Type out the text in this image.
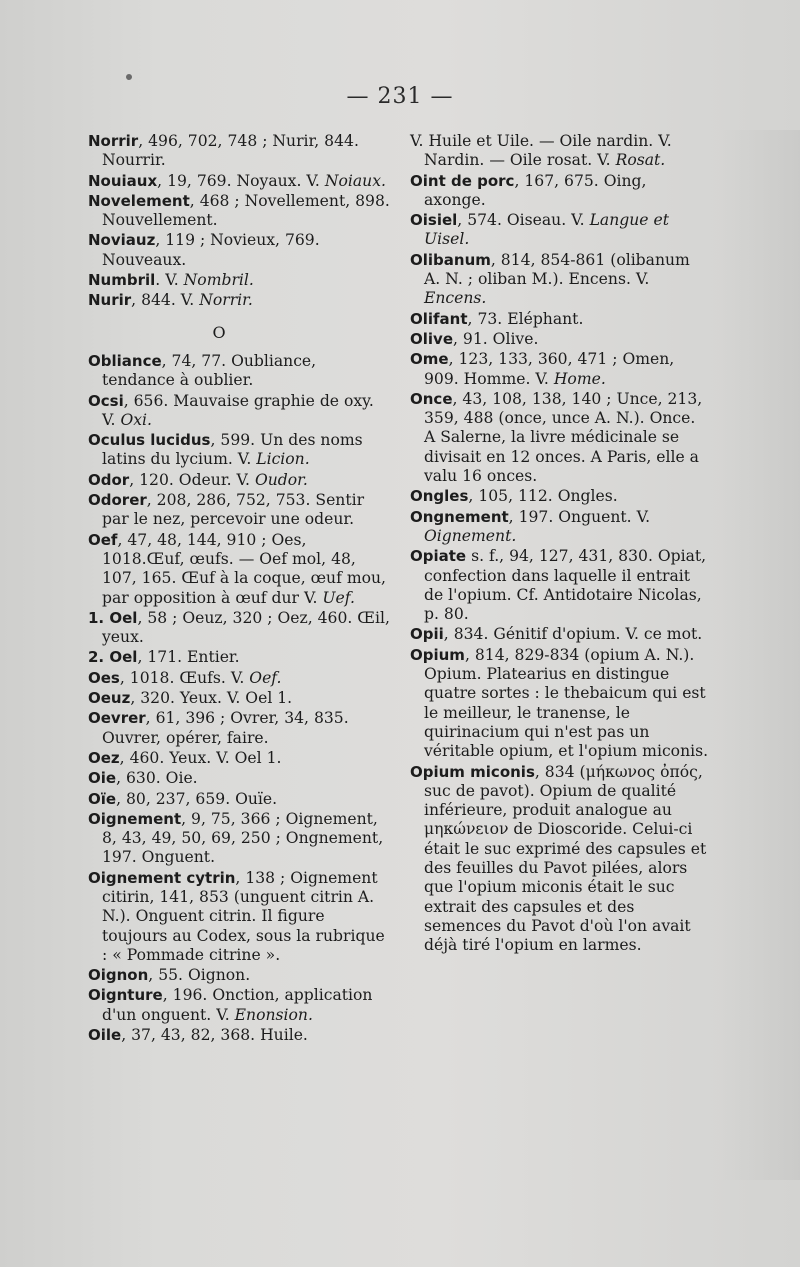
— 231 —
Norrir, 496, 702, 748 ; Nurir, 844. Nourrir.
Nouiaux, 19, 769. Noyaux. V. Noiaux.
Novelement, 468 ; Novellement, 898. Nouvellement.
Noviauz, 119 ; Novieux, 769. Nouveaux.
Numbril. V. Nombril.
Nurir, 844. V. Norrir.
O
Obliance, 74, 77. Oubliance, tendance à oublier.
Ocsi, 656. Mauvaise graphie de oxy. V. Oxi.
Oculus lucidus, 599. Un des noms latins du lycium. V. Licion.
Odor, 120. Odeur. V. Oudor.
Odorer, 208, 286, 752, 753. Sentir par le nez, percevoir une odeur.
Oef, 47, 48, 144, 910 ; Oes, 1018.Œuf, œufs. — Oef mol, 48, 107, 165. Œuf à la coque, œuf mou, par opposition à œuf dur V. Uef.
1. Oel, 58 ; Oeuz, 320 ; Oez, 460. Œil, yeux.
2. Oel, 171. Entier.
Oes, 1018. Œufs. V. Oef.
Oeuz, 320. Yeux. V. Oel 1.
Oevrer, 61, 396 ; Ovrer, 34, 835. Ouvrer, opérer, faire.
Oez, 460. Yeux. V. Oel 1.
Oie, 630. Oie.
Oïe, 80, 237, 659. Ouïe.
Oignement, 9, 75, 366 ; Oignement, 8, 43, 49, 50, 69, 250 ; Ongnement, 197. Onguent.
Oignement cytrin, 138 ; Oignement citirin, 141, 853 (unguent citrin A. N.). Onguent citrin. Il figure toujours au Codex, sous la rubrique : « Pommade citrine ».
Oignon, 55. Oignon.
Oignture, 196. Onction, application d'un onguent. V. Enonsion.
Oile, 37, 43, 82, 368. Huile.
V. Huile et Uile. — Oile nardin. V. Nardin. — Oile rosat. V. Rosat.
Oint de porc, 167, 675. Oing, axonge.
Oisiel, 574. Oiseau. V. Langue et Uisel.
Olibanum, 814, 854-861 (olibanum A. N. ; oliban M.). Encens. V. Encens.
Olifant, 73. Eléphant.
Olive, 91. Olive.
Ome, 123, 133, 360, 471 ; Omen, 909. Homme. V. Home.
Once, 43, 108, 138, 140 ; Unce, 213, 359, 488 (once, unce A. N.). Once. A Salerne, la livre médicinale se divisait en 12 onces. A Paris, elle a valu 16 onces.
Ongles, 105, 112. Ongles.
Ongnement, 197. Onguent. V. Oignement.
Opiate s. f., 94, 127, 431, 830. Opiat, confection dans laquelle il entrait de l'opium. Cf. Antidotaire Nicolas, p. 80.
Opii, 834. Génitif d'opium. V. ce mot.
Opium, 814, 829-834 (opium A. N.). Opium. Platearius en distingue quatre sortes : le thebaicum qui est le meilleur, le tranense, le quirinacium qui n'est pas un véritable opium, et l'opium miconis.
Opium miconis, 834 (μήκωνος ὀπός, suc de pavot). Opium de qualité inférieure, produit analogue au μηκώνειον de Dioscoride. Celui-ci était le suc exprimé des capsules et des feuilles du Pavot pilées, alors que l'opium miconis était le suc extrait des capsules et des semences du Pavot d'où l'on avait déjà tiré l'opium en larmes.
